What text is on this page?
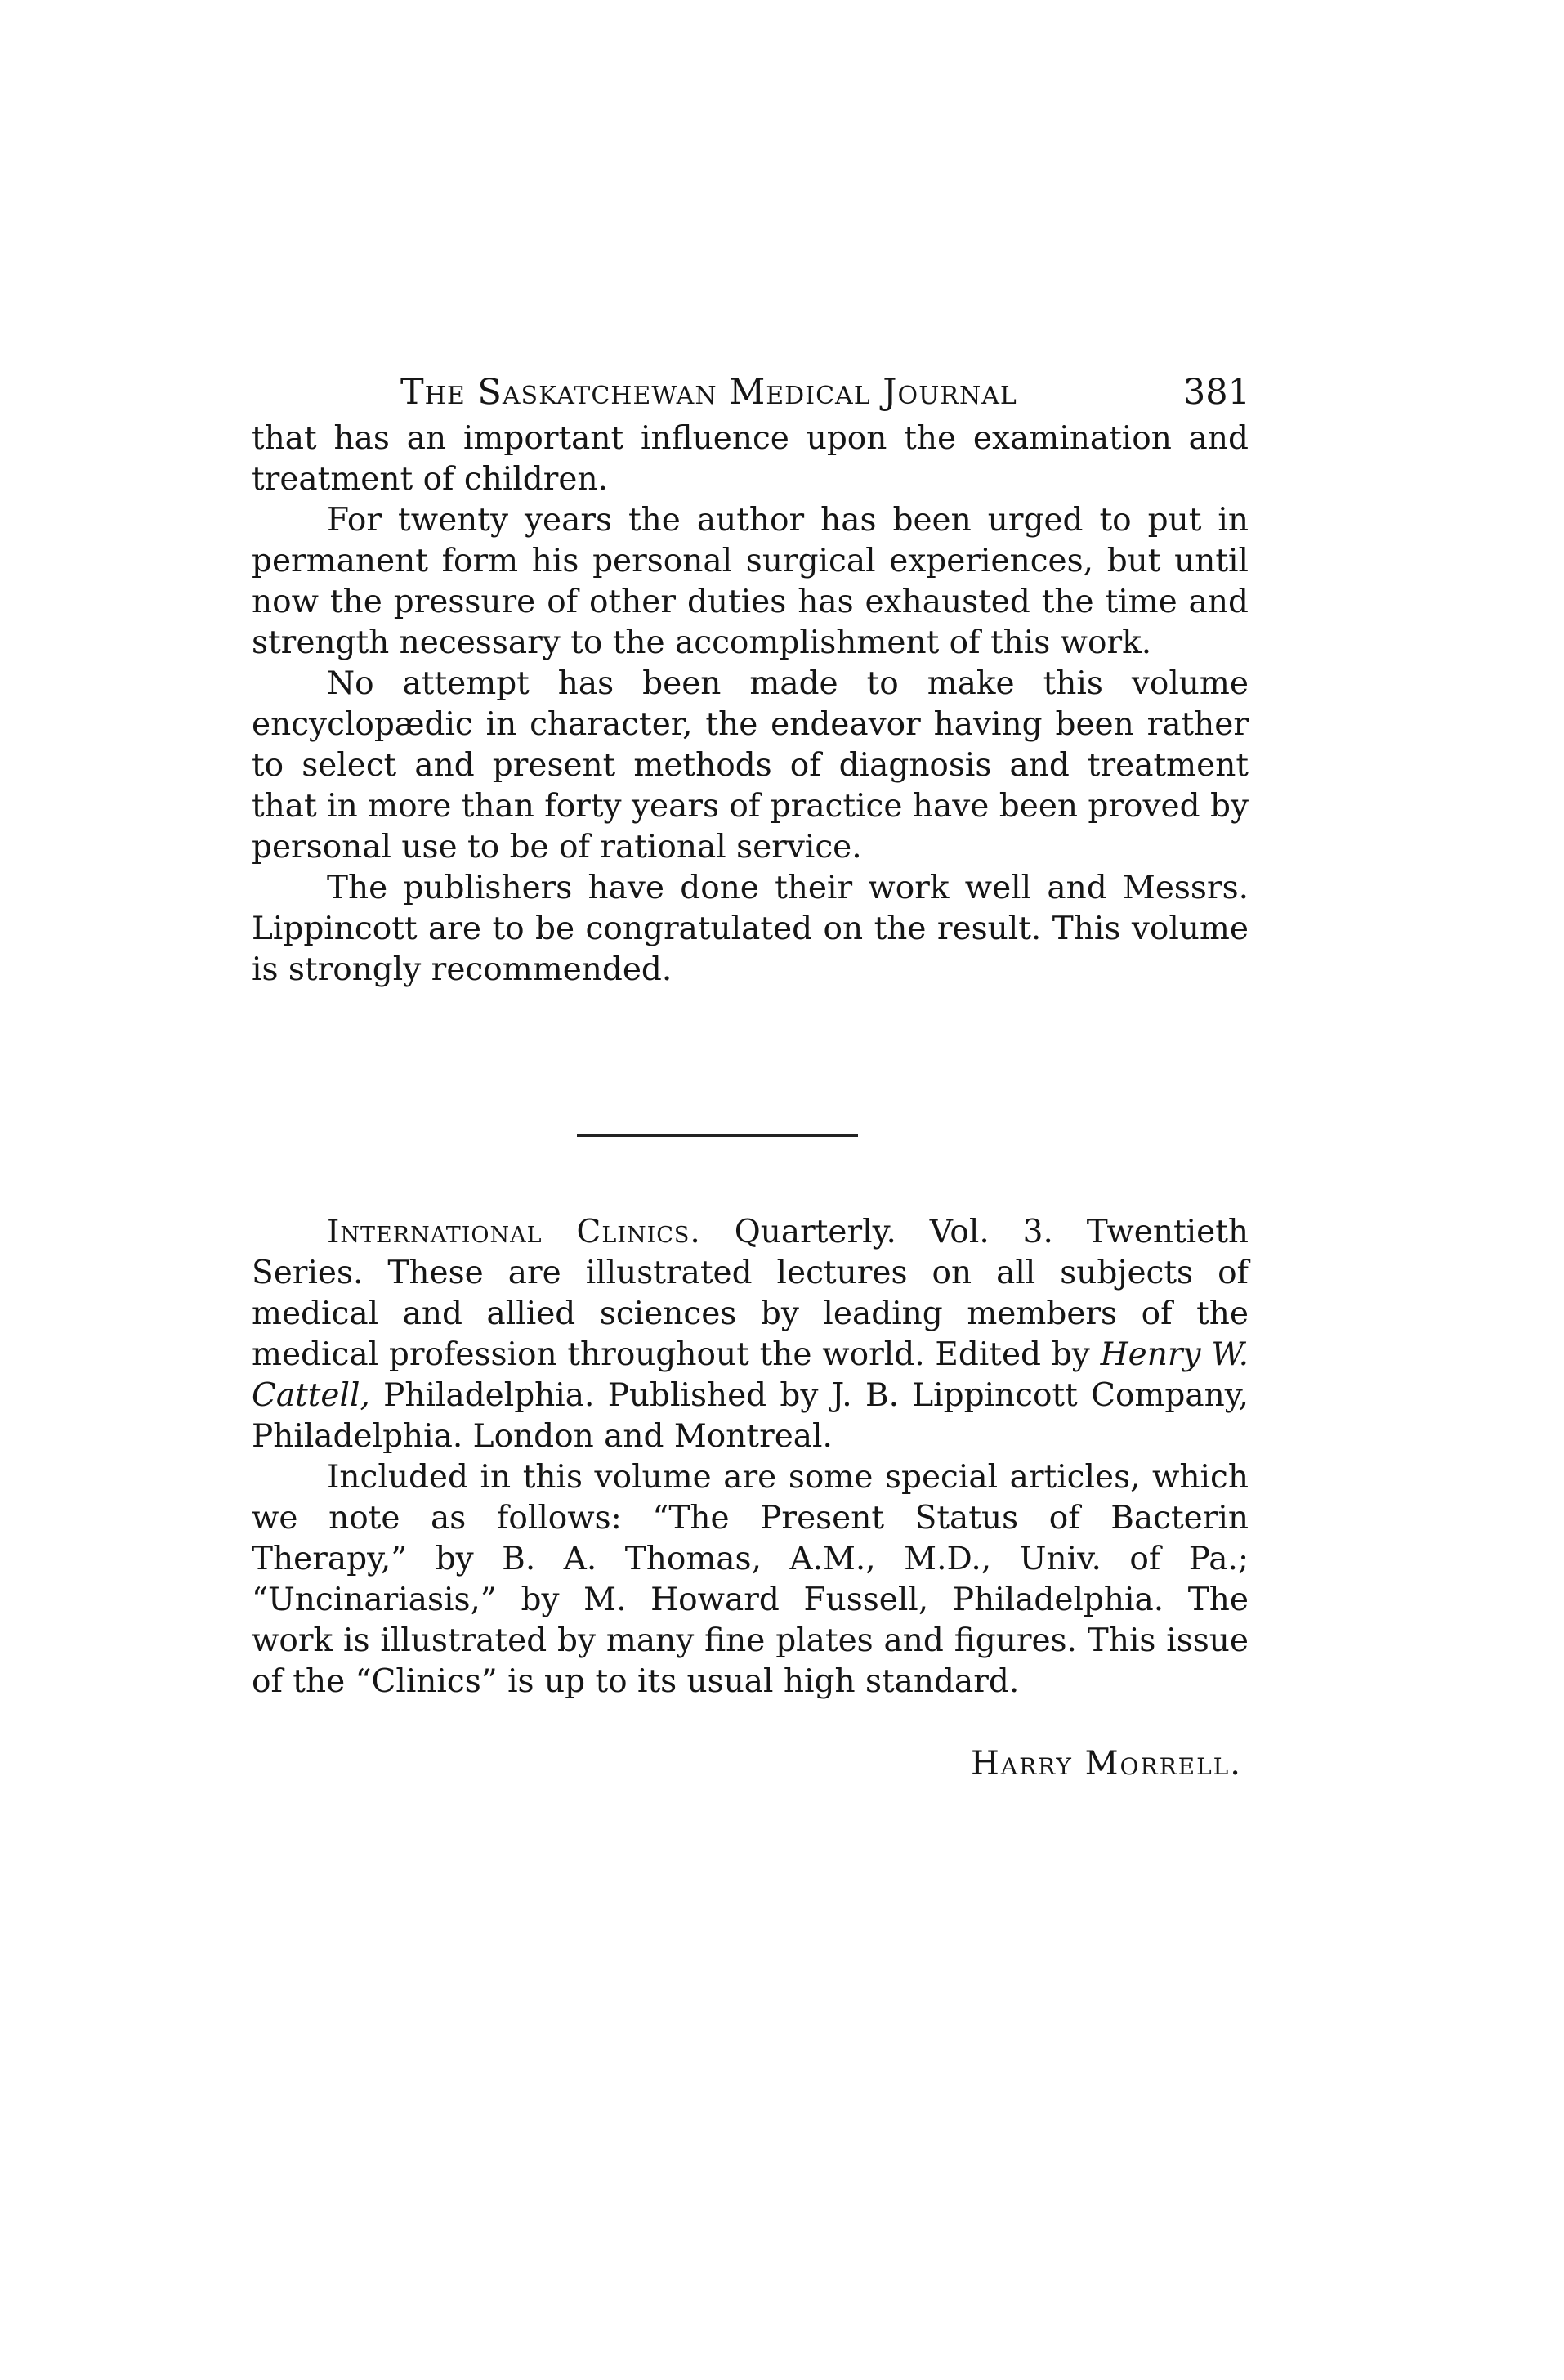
The Saskatchewan Medical Journal	381

that has an important influence upon the examination and treatment of children.

For twenty years the author has been urged to put in permanent form his personal surgical experiences, but until now the pressure of other duties has exhausted the time and strength necessary to the accomplishment of this work.

No attempt has been made to make this volume encyclopædic in character, the endeavor having been rather to select and present methods of diagnosis and treatment that in more than forty years of practice have been proved by personal use to be of rational service.

The publishers have done their work well and Messrs. Lippincott are to be congratulated on the result. This volume is strongly recommended.

International Clinics. Quarterly. Vol. 3. Twentieth Series. These are illustrated lectures on all subjects of medical and allied sciences by leading members of the medical profession throughout the world. Edited by Henry W. Cattell, Philadelphia. Published by J. B. Lippincott Company, Philadelphia. London and Montreal.

Included in this volume are some special articles, which we note as follows: “The Present Status of Bacterin Therapy,” by B. A. Thomas, A.M., M.D., Univ. of Pa.; “Uncinariasis,” by M. Howard Fussell, Philadelphia. The work is illustrated by many fine plates and figures. This issue of the “Clinics” is up to its usual high standard.

Harry Morrell.
